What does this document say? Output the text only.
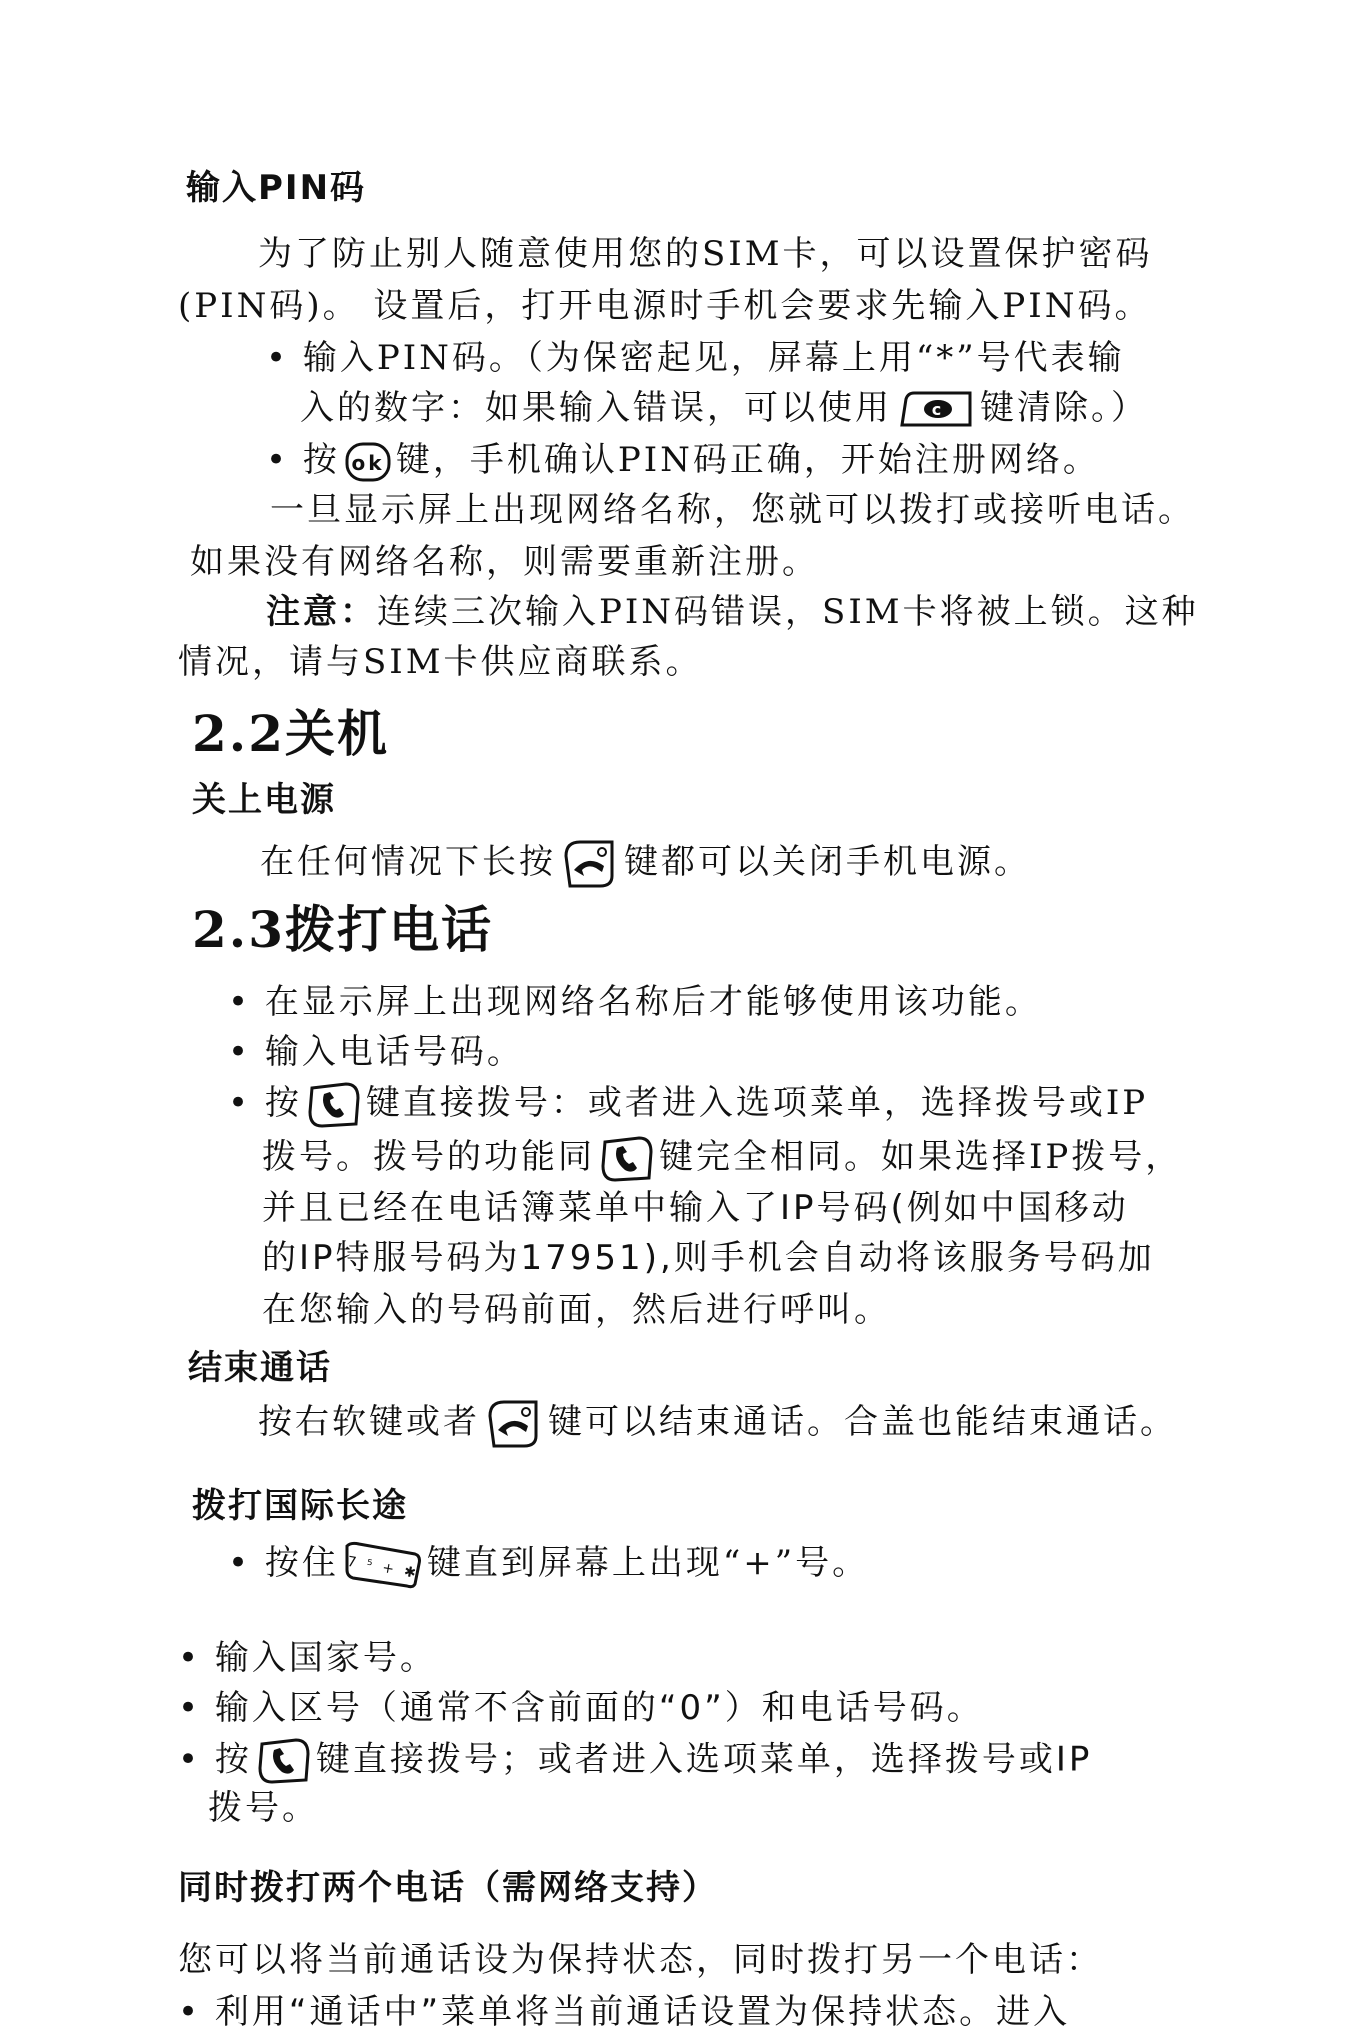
输入PIN码
为了防止别人随意使用您的SIM卡，可以设置保护密码
(PIN码)。 设置后，打开电源时手机会要求先输入PIN码。
• 输入PIN码。（为保密起见，屏幕上用“*”号代表输
入的数字：如果输入错误，可以使用 c 键清除。）
• 按 ok 键，手机确认PIN码正确，开始注册网络。
一旦显示屏上出现网络名称，您就可以拨打或接听电话。
如果没有网络名称，则需要重新注册。
注意：连续三次输入PIN码错误，SIM卡将被上锁。这种
情况，请与SIM卡供应商联系。
2.2关机
关上电源
在任何情况下长按 键都可以关闭手机电源。
2.3拨打电话
• 在显示屏上出现网络名称后才能够使用该功能。
• 输入电话号码。
• 按 键直接拨号：或者进入选项菜单，选择拨号或IP
拨号。拨号的功能同 键完全相同。如果选择IP拨号，
并且已经在电话簿菜单中输入了IP号码(例如中国移动
的IP特服号码为17951),则手机会自动将该服务号码加
在您输入的号码前面，然后进行呼叫。
结束通话
按右软键或者 键可以结束通话。合盖也能结束通话。
拨打国际长途
• 按住 7 ⁵ + ✱ 键直到屏幕上出现“+”号。
• 输入国家号。
• 输入区号（通常不含前面的“0”）和电话号码。
• 按 键直接拨号；或者进入选项菜单，选择拨号或IP
拨号。
同时拨打两个电话（需网络支持）
您可以将当前通话设为保持状态，同时拨打另一个电话：
• 利用“通话中”菜单将当前通话设置为保持状态。进入
